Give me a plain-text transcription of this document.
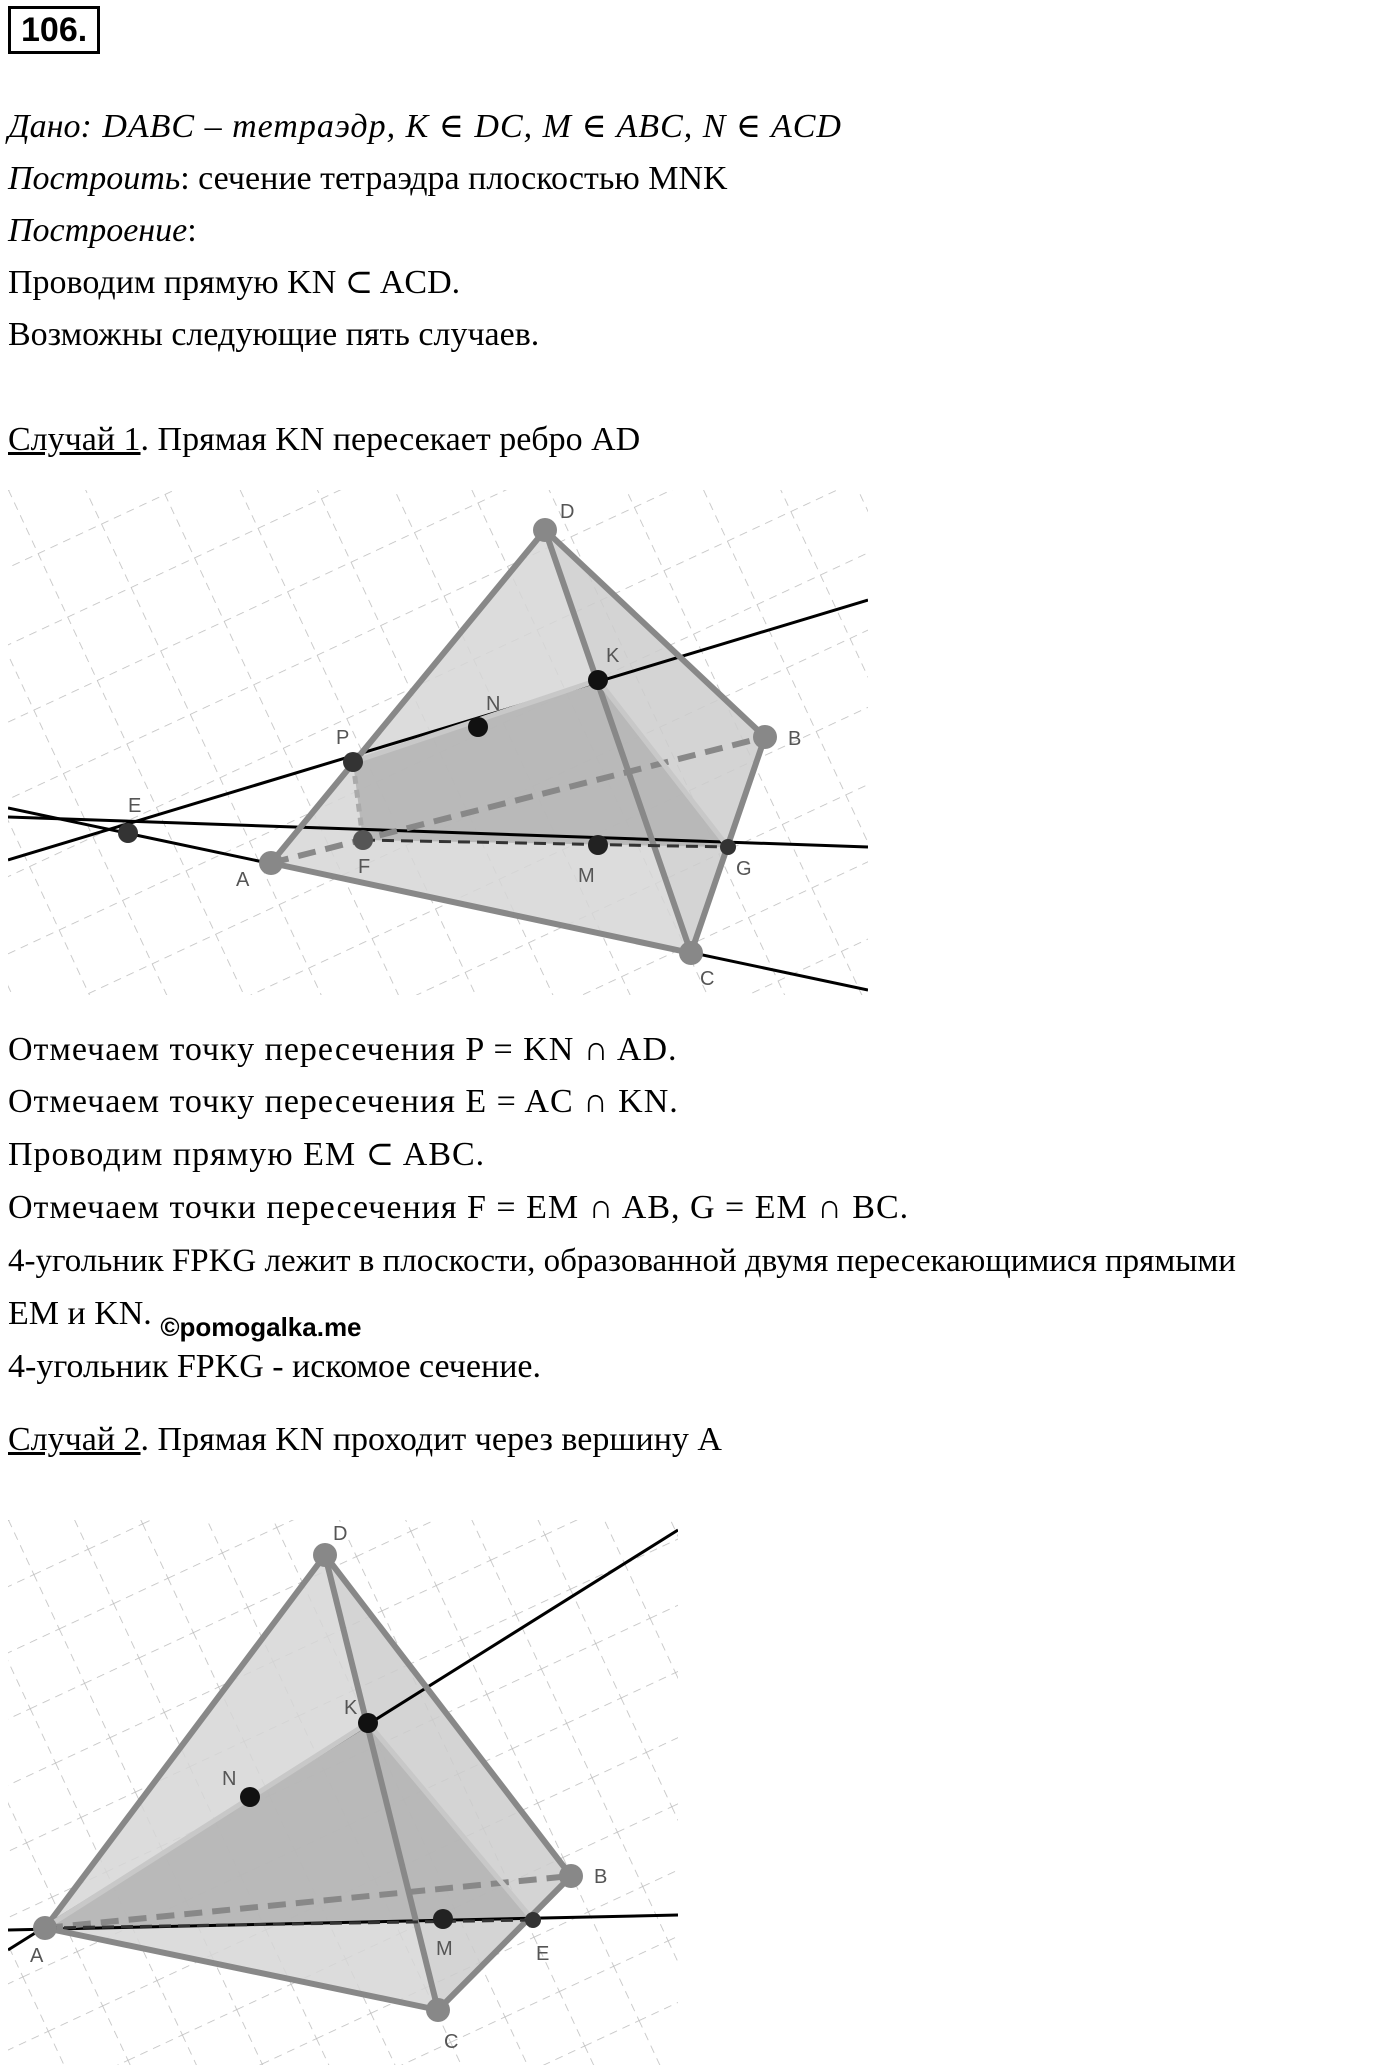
106.
Дано: DABC – тетраэдр, K ∈ DC, M ∈ ABC, N ∈ ACD
Построить: сечение тетраэдра плоскостью MNK
Построение:
Проводим прямую KN ⊂ ACD.
Возможны следующие пять случаев.
Случай 1. Прямая KN пересекает ребро AD
D
K
N
P	B
E
A
F	M	G
C
Отмечаем точку пересечения P = KN ∩ AD.
Отмечаем точку пересечения E = AC ∩ KN.
Проводим прямую EM ⊂ ABC.
Отмечаем точки пересечения F = EM ∩ AB, G = EM ∩ BC.
4-угольник FPKG лежит в плоскости, образованной двумя пересекающимися прямыми
EM и KN. $_{©pomogalka.me}$
4-угольник FPKG - искомое сечение.
Случай 2. Прямая KN проходит через вершину A
D
K
N
B
A	M	E
C
